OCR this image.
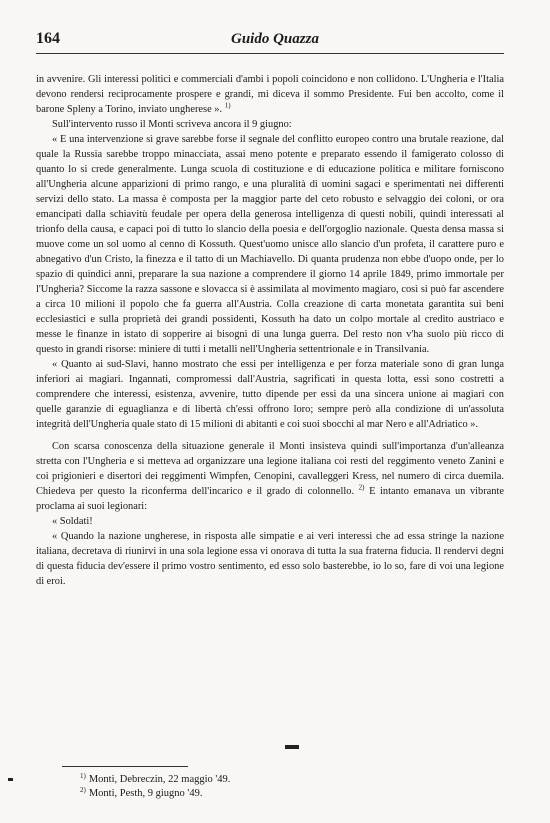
164	Guido Quazza

in avvenire. Gli interessi politici e commerciali d'ambi i popoli coincidono e non collidono. L'Ungheria e l'Italia devono rendersi reciprocamente prospere e grandi, mi diceva il sommo Presidente. Fui ben accolto, come il barone Spleny a Torino, inviato ungherese ». $^{1)}$

Sull'intervento russo il Monti scriveva ancora il 9 giugno:

« E una intervenzione sì grave sarebbe forse il segnale del conflitto europeo contro una brutale reazione, dal quale la Russia sarebbe troppo minacciata, assai meno potente e preparato essendo il famigerato colosso di quanto lo si crede generalmente. Lunga scuola di costituzione e di educazione politica e militare forniscono all'Ungheria alcune apparizioni di primo rango, e una pluralità di uomini sagaci e sperimentati nei differenti servizi dello stato. La massa è composta per la maggior parte del ceto robusto e selvaggio dei coloni, or ora emancipati dalla schiavitù feudale per opera della generosa intelligenza di questi nobili, quindi interessati al trionfo della causa, e capaci poi di tutto lo slancio della poesia e dell'orgoglio nazionale. Questa densa massa si muove come un sol uomo al cenno di Kossuth. Quest'uomo unisce allo slancio d'un profeta, il carattere puro e abnegativo d'un Cristo, la finezza e il tatto di un Machiavello. Di quanta prudenza non ebbe d'uopo onde, per lo spazio di quindici anni, preparare la sua nazione a comprendere il giorno 14 aprile 1849, primo immortale per l'Ungheria? Siccome la razza sassone e slovacca si è assimilata al movimento magiaro, così si può far ascendere a circa 10 milioni il popolo che fa guerra all'Austria. Colla creazione di carta monetata garantita sui beni ecclesiastici e sulla proprietà dei grandi possidenti, Kossuth ha dato un colpo mortale al credito austriaco e messe le finanze in istato di sopperire ai bisogni di una lunga guerra. Del resto non v'ha suolo più ricco di questo in grandi risorse: miniere di tutti i metalli nell'Ungheria settentrionale e in Transilvania.

« Quanto ai sud-Slavi, hanno mostrato che essi per intelligenza e per forza materiale sono di gran lunga inferiori ai magiari. Ingannati, compromessi dall'Austria, sagrificati in questa lotta, essi sono costretti a comprendere che interessi, esistenza, avvenire, tutto dipende per essi da una sincera unione ai magiari con quelle garanzie di eguaglianza e di libertà ch'essi offrono loro; sempre però alla condizione di un'assoluta integrità dell'Ungheria quale stato di 15 milioni di abitanti e coi suoi sbocchi al mar Nero e all'Adriatico ».

Con scarsa conoscenza della situazione generale il Monti insisteva quindi sull'importanza d'un'alleanza stretta con l'Ungheria e si metteva ad organizzare una legione italiana coi resti del reggimento veneto Zanini e coi prigionieri e disertori dei reggimenti Wimpfen, Cenopini, cavalleggeri Kress, nel numero di circa duemila. Chiedeva per questo la riconferma dell'incarico e il grado di colonnello. $^{2)}$ E intanto emanava un vibrante proclama ai suoi legionari:

« Soldati!

« Quando la nazione ungherese, in risposta alle simpatie e ai veri interessi che ad essa stringe la nazione italiana, decretava di riunirvi in una sola legione essa vi onorava di tutta la sua fraterna fiducia. Il rendervi degni di questa fiducia dev'essere il primo vostro sentimento, ed esso solo basterebbe, io lo so, fare di voi una legione di eroi.

$^{1)}$ Monti, Debreczin, 22 maggio '49.

$^{2)}$ Monti, Pesth, 9 giugno '49.
